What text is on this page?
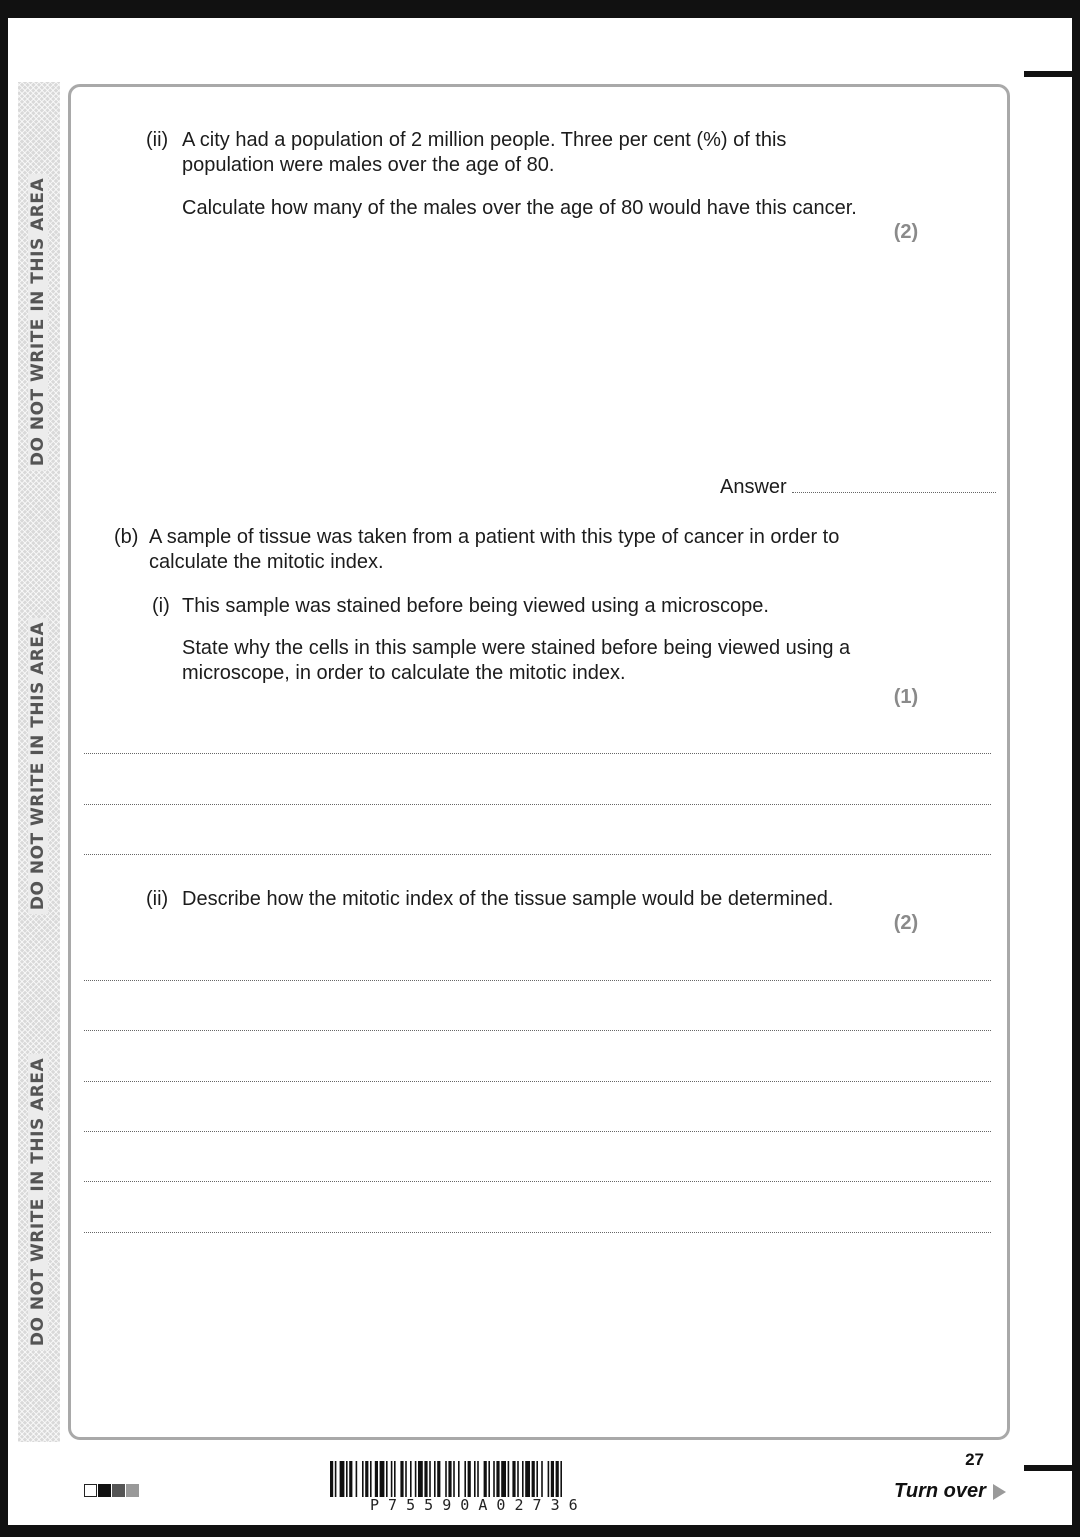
DO NOT WRITE IN THIS AREA
DO NOT WRITE IN THIS AREA
DO NOT WRITE IN THIS AREA
(ii) A city had a population of 2 million people. Three per cent (%) of this
population were males over the age of 80.
Calculate how many of the males over the age of 80 would have this cancer.
(2)
Answer
(b) A sample of tissue was taken from a patient with this type of cancer in order to
calculate the mitotic index.
(i) This sample was stained before being viewed using a microscope.
State why the cells in this sample were stained before being viewed using a
microscope, in order to calculate the mitotic index.
(1)
(ii) Describe how the mitotic index of the tissue sample would be determined.
(2)
P 7 5 5 9 0 A 0 2 7 3 6
27
Turn over
